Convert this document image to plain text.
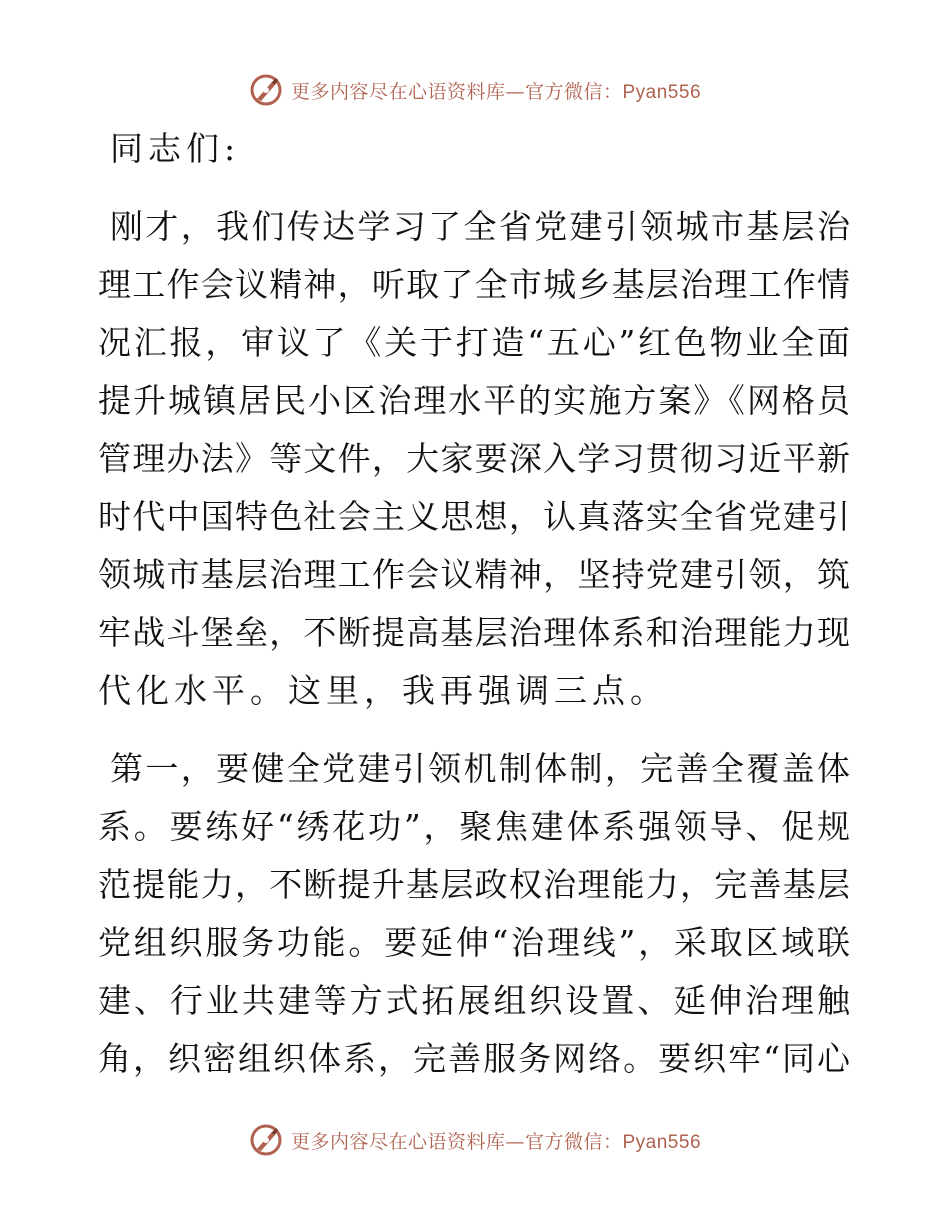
更多内容尽在心语资料库—官方微信：Pyan556
同志们:
刚才，我们传达学习了全省党建引领城市基层治
理工作会议精神，听取了全市城乡基层治理工作情
况汇报，审议了《关于打造“五心”红色物业全面
提升城镇居民小区治理水平的实施方案》《网格员
管理办法》等文件，大家要深入学习贯彻习近平新
时代中国特色社会主义思想，认真落实全省党建引
领城市基层治理工作会议精神，坚持党建引领，筑
牢战斗堡垒，不断提高基层治理体系和治理能力现
代化水平。这里，我再强调三点。
第一，要健全党建引领机制体制，完善全覆盖体
系。要练好“绣花功”，聚焦建体系强领导、促规
范提能力，不断提升基层政权治理能力，完善基层
党组织服务功能。要延伸“治理线”，采取区域联
建、行业共建等方式拓展组织设置、延伸治理触
角，织密组织体系，完善服务网络。要织牢“同心
更多内容尽在心语资料库—官方微信：Pyan556
